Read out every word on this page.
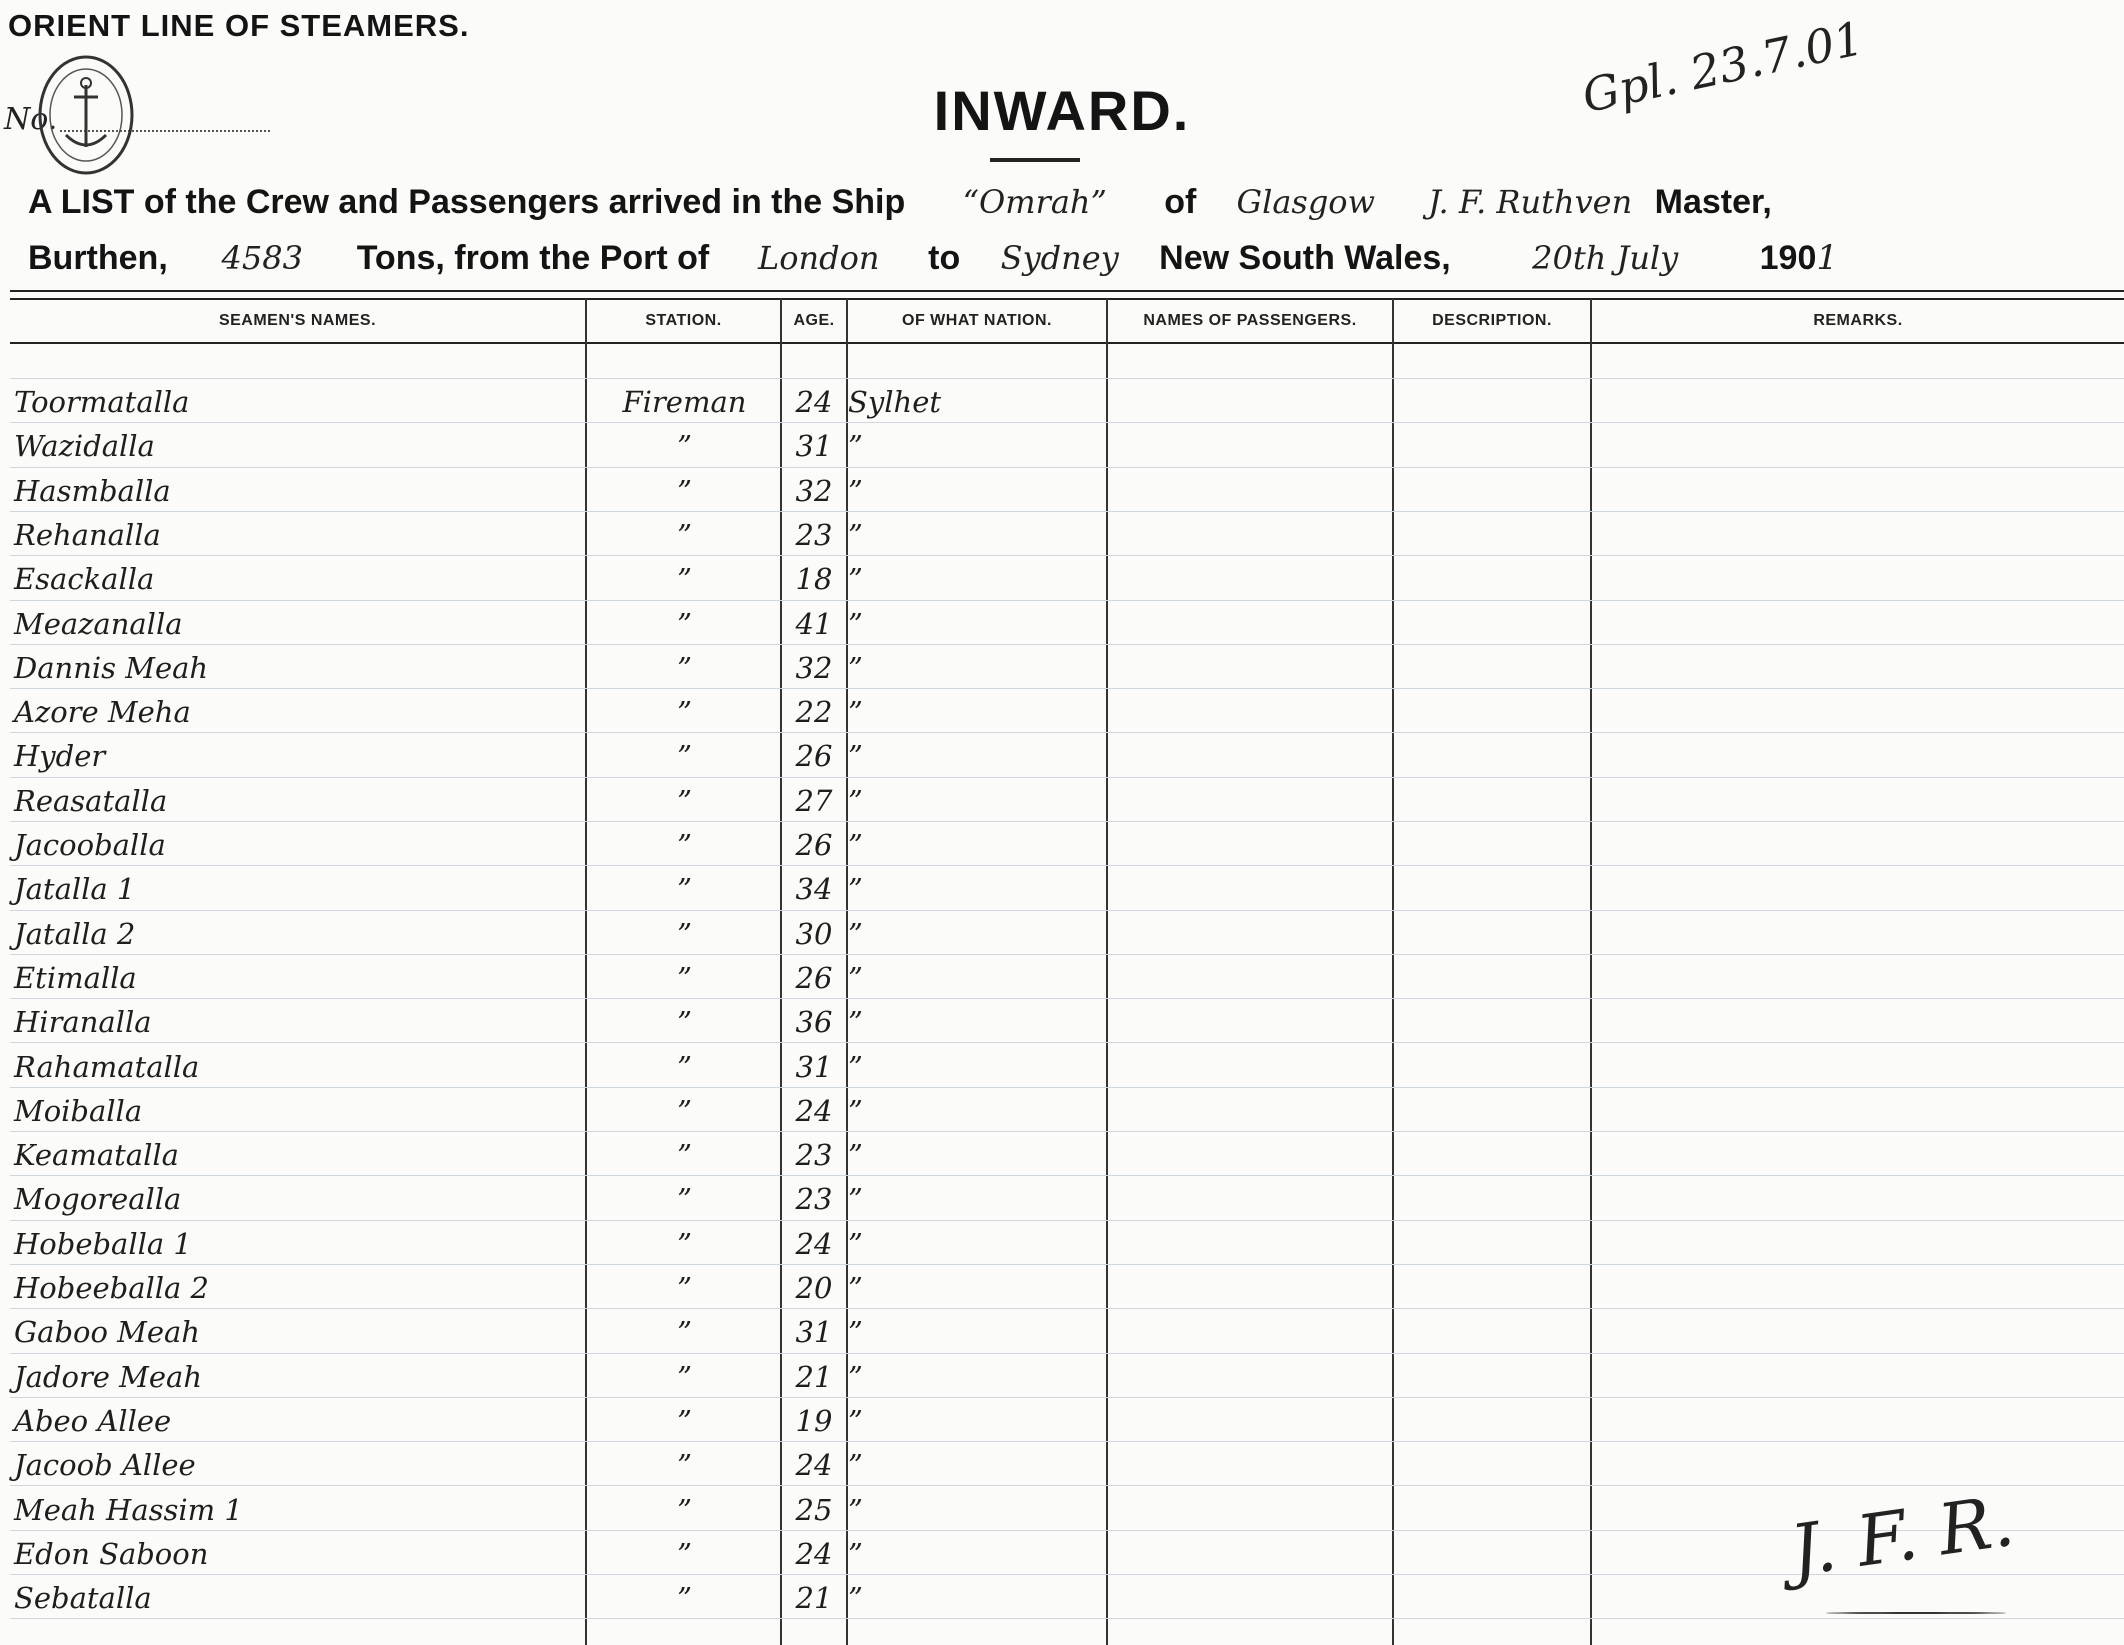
ORIENT LINE OF STEAMERS.
No.	Gpl. 23.7.01
INWARD.
A LIST of the Crew and Passengers arrived in the Ship “Omrah” of Glasgow J. F. Ruthven Master,
Burthen, 4583 Tons, from the Port of London to Sydney New South Wales,	20th July 1901
SEAMEN'S NAMES.	STATION.	AGE.	OF WHAT NATION.	NAMES OF PASSENGERS.	DESCRIPTION.	REMARKS.
Toormatalla	Fireman	24 Sylhet
Wazidalla	”	31 ”
Hasmballa	”	32 ”
Rehanalla	”	23 ”
Esackalla	”	18 ”
Meazanalla	”	41 ”
Dannis Meah	”	32 ”
Azore Meha	”	22 ”
Hyder	”	26 ”
Reasatalla	”	27 ”
Jacooballa	”	26 ”
Jatalla 1	”	34 ”
Jatalla 2	”	30 ”
Etimalla	”	26 ”
Hiranalla	”	36 ”
Rahamatalla	”	31 ”
Moiballa	”	24 ”
Keamatalla	”	23 ”
Mogorealla	”	23 ”
Hobeballa 1	”	24 ”
Hobeeballa 2	”	20 ”
Gaboo Meah	”	31 ”
Jadore Meah	”	21 ”
Abeo Allee	”	19 ”
Jacoob Allee	”	24 ”
Meah Hassim 1	”	25 ”
Edon Saboon	”	24 ”
Sebatalla	”	21 ”
J. F. R.
